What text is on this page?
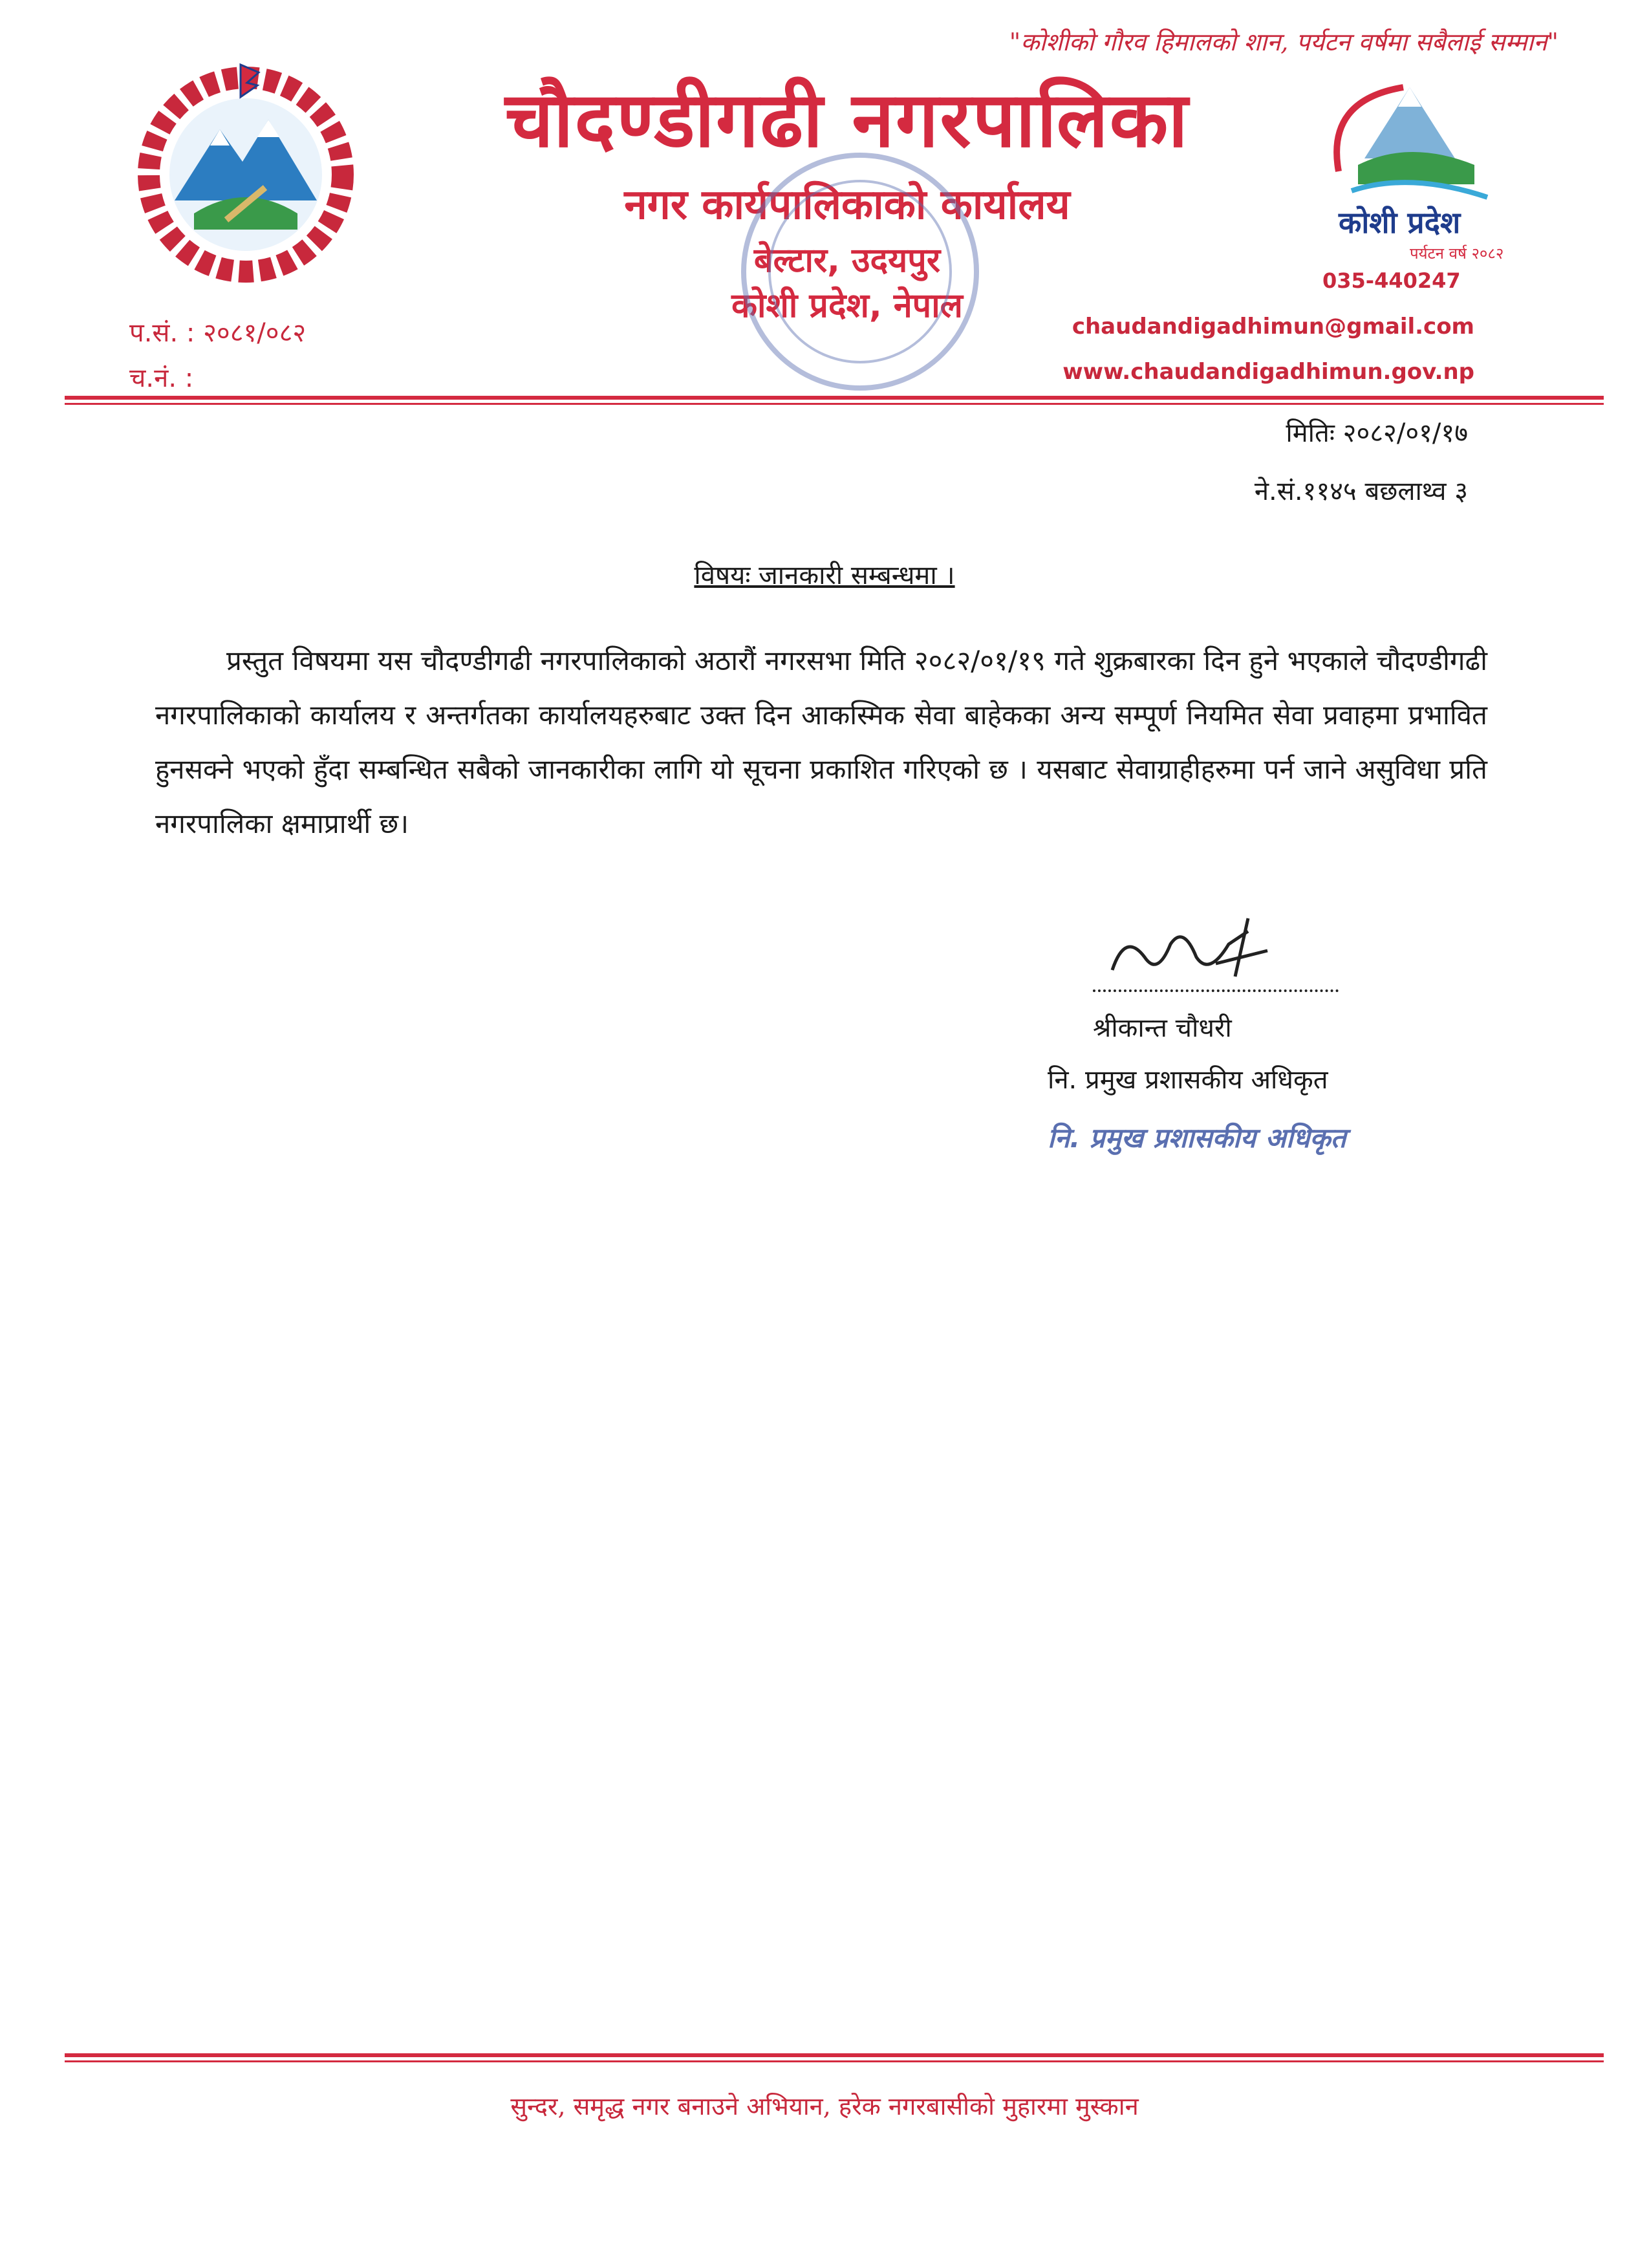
"कोशीको गौरव हिमालको शान, पर्यटन वर्षमा सबैलाई सम्मान"
चौदण्डीगढी नगरपालिका
नगर कार्यपालिकाको कार्यालय
बेल्टार, उदयपुर
कोशी प्रदेश, नेपाल
कोशी प्रदेश
पर्यटन वर्ष २०८२
035-440247
प.सं. : २०८१/०८२
च.नं. :
chaudandigadhimun@gmail.com
www.chaudandigadhimun.gov.np
मितिः २०८२/०१/१७
ने.सं.११४५ बछलाथ्व ३
विषयः जानकारी सम्बन्धमा ।
प्रस्तुत विषयमा यस चौदण्डीगढी नगरपालिकाको अठारौं नगरसभा मिति २०८२/०१/१९ गते शुक्रबारका दिन हुने भएकाले चौदण्डीगढी नगरपालिकाको कार्यालय र अन्तर्गतका कार्यालयहरुबाट उक्त दिन आकस्मिक सेवा बाहेकका अन्य सम्पूर्ण नियमित सेवा प्रवाहमा प्रभावित हुनसक्ने भएको हुँदा सम्बन्धित सबैको जानकारीका लागि यो सूचना प्रकाशित गरिएको छ । यसबाट सेवाग्राहीहरुमा पर्न जाने असुविधा प्रति नगरपालिका क्षमाप्रार्थी छ।
श्रीकान्त चौधरी
नि. प्रमुख प्रशासकीय अधिकृत
नि. प्रमुख प्रशासकीय अधिकृत
सुन्दर, समृद्ध नगर बनाउने अभियान, हरेक नगरबासीको मुहारमा मुस्कान
